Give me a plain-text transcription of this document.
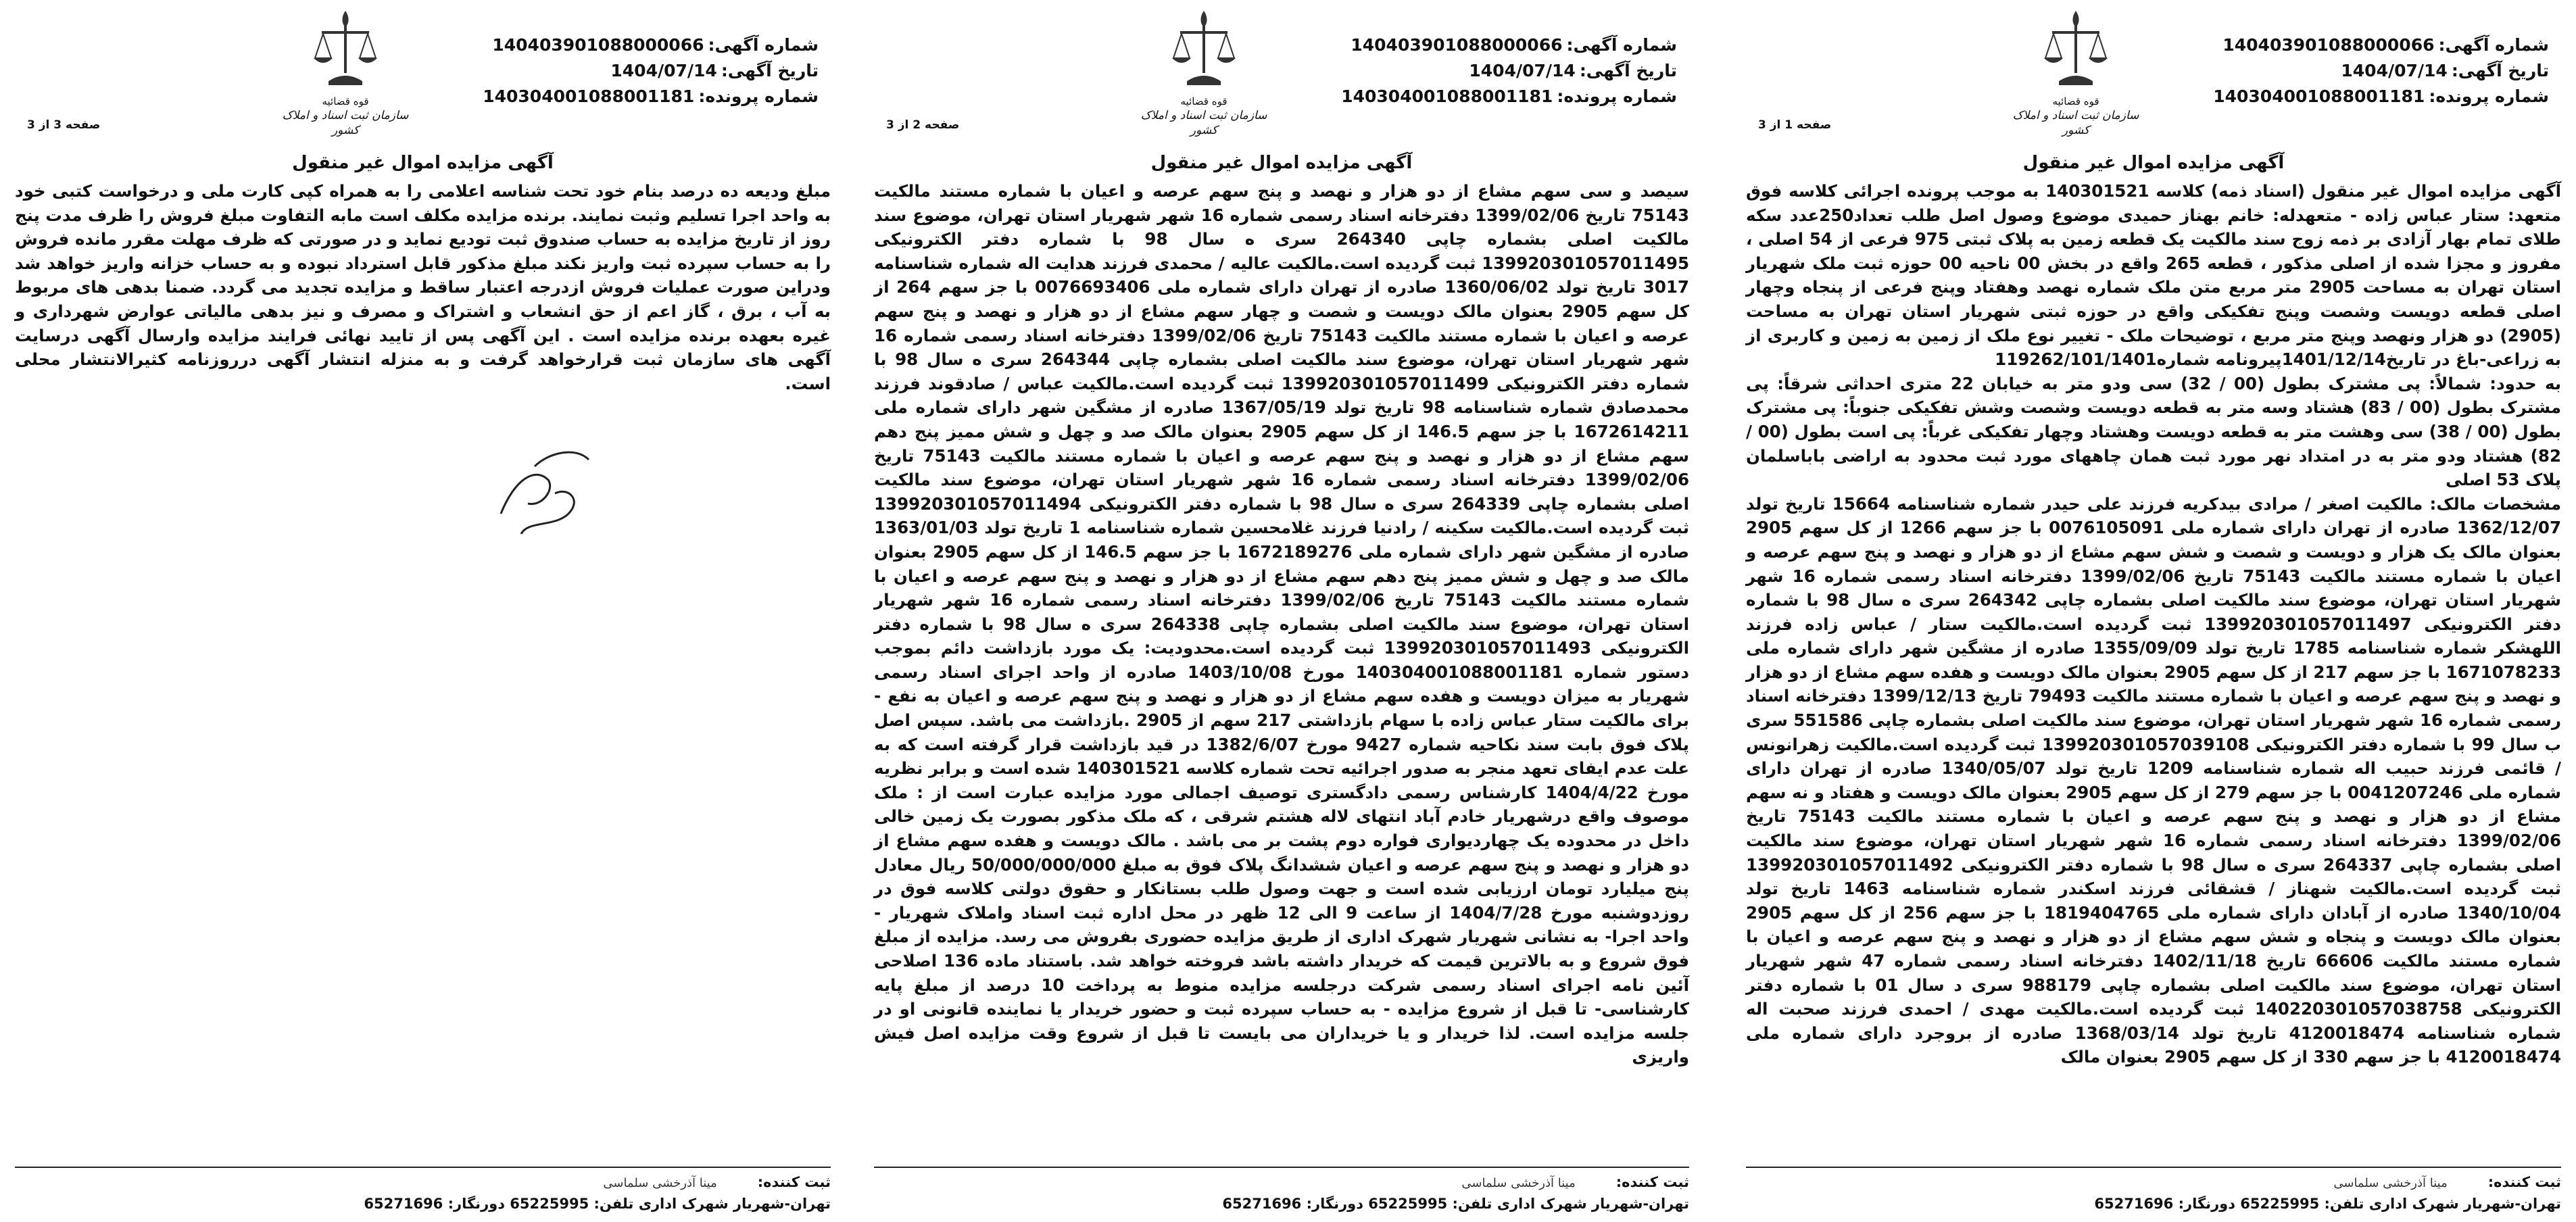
شماره آگهی:140403901088000066
تاریخ آگهی:1404/07/14
شماره پرونده:140304001088001181
قوه قضائیه
سازمان ثبت اسناد و املاک کشور
صفحه 1 از 3
آگهی مزایده اموال غیر منقول

آگهی مزایده اموال غیر منقول (اسناد ذمه) کلاسه 140301521 به موجب پرونده اجرائی کلاسه فوق متعهد: ستار عباس زاده - متعهدله: خانم بهناز حمیدی موضوع وصول اصل طلب تعداد250عدد سکه طلای تمام بهار آزادی بر ذمه زوج سند مالکیت یک قطعه زمین به پلاک ثبتی 975 فرعی از 54 اصلی ، مفروز و مجزا شده از اصلی مذکور ، قطعه 265 واقع در بخش 00 ناحیه 00 حوزه ثبت ملک شهریار استان تهران به مساحت 2905 متر مربع متن ملک شماره نهصد وهفتاد وپنج فرعی از پنجاه وچهار اصلی قطعه دویست وشصت وپنج تفکیکی واقع در حوزه ثبتی شهریار استان تهران به مساحت (2905) دو هزار ونهصد وپنج متر مربع ، توضیحات ملک - تغییر نوع ملک از زمین به زمین و کاربری از به زراعی-باغ در تاریخ1401/12/14پیرونامه شماره119262/101/1401

به حدود: شمالاً: پی مشترک بطول (00 / 32) سی ودو متر به خیابان 22 متری احداثی شرقاً: پی مشترک بطول (00 / 83) هشتاد وسه متر به قطعه دویست وشصت وشش تفکیکی جنوباً: پی مشترک بطول (00 / 38) سی وهشت متر به قطعه دویست وهشتاد وچهار تفکیکی غرباً: پی است بطول (00 / 82) هشتاد ودو متر به در امتداد نهر مورد ثبت همان چاههای مورد ثبت محدود به اراضی باباسلمان پلاک 53 اصلی

مشخصات مالک: مالکیت اصغر / مرادی بیدکریه فرزند علی حیدر شماره شناسنامه 15664 تاریخ تولد 1362/12/07 صادره از تهران دارای شماره ملی 0076105091 با جز سهم 1266 از کل سهم 2905 بعنوان مالک یک هزار و دویست و شصت و شش سهم مشاع از دو هزار و نهصد و پنج سهم عرصه و اعیان با شماره مستند مالکیت 75143 تاریخ 1399/02/06 دفترخانه اسناد رسمی شماره 16 شهر شهریار استان تهران، موضوع سند مالکیت اصلی بشماره چاپی 264342 سری ه سال 98 با شماره دفتر الکترونیکی 139920301057011497 ثبت گردیده است.مالکیت ستار / عباس زاده فرزند اللهشکر شماره شناسنامه 1785 تاریخ تولد 1355/09/09 صادره از مشگین شهر دارای شماره ملی 1671078233 با جز سهم 217 از کل سهم 2905 بعنوان مالک دویست و هفده سهم مشاع از دو هزار و نهصد و پنج سهم عرصه و اعیان با شماره مستند مالکیت 79493 تاریخ 1399/12/13 دفترخانه اسناد رسمی شماره 16 شهر شهریار استان تهران، موضوع سند مالکیت اصلی بشماره چاپی 551586 سری ب سال 99 با شماره دفتر الکترونیکی 139920301057039108 ثبت گردیده است.مالکیت زهرانونس / قائمی فرزند حبیب اله شماره شناسنامه 1209 تاریخ تولد 1340/05/07 صادره از تهران دارای شماره ملی 0041207246 با جز سهم 279 از کل سهم 2905 بعنوان مالک دویست و هفتاد و نه سهم مشاع از دو هزار و نهصد و پنج سهم عرصه و اعیان با شماره مستند مالکیت 75143 تاریخ 1399/02/06 دفترخانه اسناد رسمی شماره 16 شهر شهریار استان تهران، موضوع سند مالکیت اصلی بشماره چاپی 264337 سری ه سال 98 با شماره دفتر الکترونیکی 139920301057011492 ثبت گردیده است.مالکیت شهناز / قشقائی فرزند اسکندر شماره شناسنامه 1463 تاریخ تولد 1340/10/04 صادره از آبادان دارای شماره ملی 1819404765 با جز سهم 256 از کل سهم 2905 بعنوان مالک دویست و پنجاه و شش سهم مشاع از دو هزار و نهصد و پنج سهم عرصه و اعیان با شماره مستند مالکیت 66606 تاریخ 1402/11/18 دفترخانه اسناد رسمی شماره 47 شهر شهریار استان تهران، موضوع سند مالکیت اصلی بشماره چاپی 988179 سری د سال 01 با شماره دفتر الکترونیکی 140220301057038758 ثبت گردیده است.مالکیت مهدی / احمدی فرزند صحبت اله شماره شناسنامه 4120018474 تاریخ تولد 1368/03/14 صادره از بروجرد دارای شماره ملی 4120018474 با جز سهم 330 از کل سهم 2905 بعنوان مالک

ثبت کننده:مینا آذرخشی سلماسی
تهران-شهریار شهرک اداری تلفن: 65225995 دورنگار: 65271696
شماره آگهی:140403901088000066
تاریخ آگهی:1404/07/14
شماره پرونده:140304001088001181
قوه قضائیه
سازمان ثبت اسناد و املاک کشور
صفحه 2 از 3
آگهی مزایده اموال غیر منقول

سیصد و سی سهم مشاع از دو هزار و نهصد و پنج سهم عرصه و اعیان با شماره مستند مالکیت 75143 تاریخ 1399/02/06 دفترخانه اسناد رسمی شماره 16 شهر شهریار استان تهران، موضوع سند مالکیت اصلی بشماره چاپی 264340 سری ه سال 98 با شماره دفتر الکترونیکی 139920301057011495 ثبت گردیده است.مالکیت عالیه / محمدی فرزند هدایت اله شماره شناسنامه 3017 تاریخ تولد 1360/06/02 صادره از تهران دارای شماره ملی 0076693406 با جز سهم 264 از کل سهم 2905 بعنوان مالک دویست و شصت و چهار سهم مشاع از دو هزار و نهصد و پنج سهم عرصه و اعیان با شماره مستند مالکیت 75143 تاریخ 1399/02/06 دفترخانه اسناد رسمی شماره 16 شهر شهریار استان تهران، موضوع سند مالکیت اصلی بشماره چاپی 264344 سری ه سال 98 با شماره دفتر الکترونیکی 139920301057011499 ثبت گردیده است.مالکیت عباس / صادقوند فرزند محمدصادق شماره شناسنامه 98 تاریخ تولد 1367/05/19 صادره از مشگین شهر دارای شماره ملی 1672614211 با جز سهم 146.5 از کل سهم 2905 بعنوان مالک صد و چهل و شش ممیز پنج دهم سهم مشاع از دو هزار و نهصد و پنج سهم عرصه و اعیان با شماره مستند مالکیت 75143 تاریخ 1399/02/06 دفترخانه اسناد رسمی شماره 16 شهر شهریار استان تهران، موضوع سند مالکیت اصلی بشماره چاپی 264339 سری ه سال 98 با شماره دفتر الکترونیکی 139920301057011494 ثبت گردیده است.مالکیت سکینه / رادنیا فرزند غلامحسین شماره شناسنامه 1 تاریخ تولد 1363/01/03 صادره از مشگین شهر دارای شماره ملی 1672189276 با جز سهم 146.5 از کل سهم 2905 بعنوان مالک صد و چهل و شش ممیز پنج دهم سهم مشاع از دو هزار و نهصد و پنج سهم عرصه و اعیان با شماره مستند مالکیت 75143 تاریخ 1399/02/06 دفترخانه اسناد رسمی شماره 16 شهر شهریار استان تهران، موضوع سند مالکیت اصلی بشماره چاپی 264338 سری ه سال 98 با شماره دفتر الکترونیکی 139920301057011493 ثبت گردیده است.محدودیت: یک مورد بازداشت دائم بموجب دستور شماره 140304001088001181 مورخ 1403/10/08 صادره از واحد اجرای اسناد رسمی شهریار به میزان دویست و هفده سهم مشاع از دو هزار و نهصد و پنج سهم عرصه و اعیان به نفع - برای مالکیت ستار عباس زاده با سهام بازداشتی 217 سهم از 2905 .بازداشت می باشد. سپس اصل پلاک فوق بابت سند نکاحیه شماره 9427 مورخ 1382/6/07 در قید بازداشت قرار گرفته است که به علت عدم ایفای تعهد منجر به صدور اجرائیه تحت شماره کلاسه 140301521 شده است و برابر نظریه مورخ 1404/4/22 کارشناس رسمی دادگستری توصیف اجمالی مورد مزایده عبارت است از : ملک موصوف واقع درشهریار خادم آباد انتهای لاله هشتم شرقی ، که ملک مذکور بصورت یک زمین خالی داخل در محدوده یک چهاردیواری فواره دوم پشت بر می باشد . مالک دویست و هفده سهم مشاع از دو هزار و نهصد و پنج سهم عرصه و اعیان ششدانگ پلاک فوق به مبلغ 50/000/000/000 ریال معادل پنج میلیارد تومان ارزیابی شده است و جهت وصول طلب بستانکار و حقوق دولتی کلاسه فوق در روزدوشنبه مورخ 1404/7/28 از ساعت 9 الی 12 ظهر در محل اداره ثبت اسناد واملاک شهریار - واحد اجرا- به نشانی شهریار شهرک اداری از طریق مزایده حضوری بفروش می رسد. مزایده از مبلغ فوق شروع و به بالاترین قیمت که خریدار داشته باشد فروخته خواهد شد. باستناد ماده 136 اصلاحی آئین نامه اجرای اسناد رسمی شرکت درجلسه مزایده منوط به پرداخت 10 درصد از مبلغ پایه کارشناسی- تا قبل از شروع مزایده - به حساب سپرده ثبت و حضور خریدار یا نماینده قانونی او در جلسه مزایده است. لذا خریدار و یا خریداران می بایست تا قبل از شروع وقت مزایده اصل فیش واریزی

ثبت کننده:مینا آذرخشی سلماسی
تهران-شهریار شهرک اداری تلفن: 65225995 دورنگار: 65271696
شماره آگهی:140403901088000066
تاریخ آگهی:1404/07/14
شماره پرونده:140304001088001181
قوه قضائیه
سازمان ثبت اسناد و املاک کشور
صفحه 3 از 3
آگهی مزایده اموال غیر منقول

مبلغ ودیعه ده درصد بنام خود تحت شناسه اعلامی را به همراه کپی کارت ملی و درخواست کتبی خود به واحد اجرا تسلیم وثبت نمایند. برنده مزایده مکلف است مابه التفاوت مبلغ فروش را ظرف مدت پنج روز از تاریخ مزایده به حساب صندوق ثبت تودیع نماید و در صورتی که ظرف مهلت مقرر مانده فروش را به حساب سپرده ثبت واریز نکند مبلغ مذکور قابل استرداد نبوده و به حساب خزانه واریز خواهد شد ودراین صورت عملیات فروش ازدرجه اعتبار ساقط و مزایده تجدید می گردد. ضمنا بدهی های مربوط به آب ، برق ، گاز اعم از حق انشعاب و اشتراک و مصرف و نیز بدهی مالیاتی عوارض شهرداری و غیره بعهده برنده مزایده است . این آگهی پس از تایید نهائی فرایند مزایده وارسال آگهی درسایت آگهی های سازمان ثبت قرارخواهد گرفت و به منزله انتشار آگهی درروزنامه کثیرالانتشار محلی است.

ثبت کننده:مینا آذرخشی سلماسی
تهران-شهریار شهرک اداری تلفن: 65225995 دورنگار: 65271696
